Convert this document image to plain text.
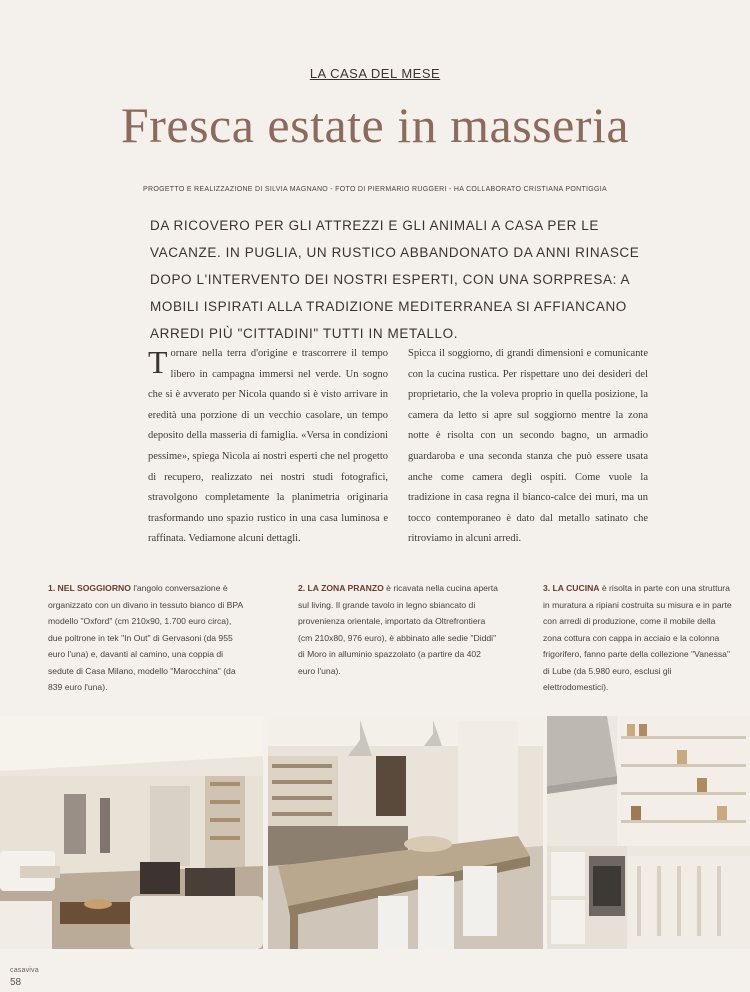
LA CASA DEL MESE
Fresca estate in masseria
PROGETTO E REALIZZAZIONE DI SILVIA MAGNANO - FOTO DI PIERMARIO RUGGERI - HA COLLABORATO CRISTIANA PONTIGGIA
DA RICOVERO PER GLI ATTREZZI E GLI ANIMALI A CASA PER LE VACANZE. IN PUGLIA, UN RUSTICO ABBANDONATO DA ANNI RINASCE DOPO L'INTERVENTO DEI NOSTRI ESPERTI, CON UNA SORPRESA: A MOBILI ISPIRATI ALLA TRADIZIONE MEDITERRANEA SI AFFIANCANO ARREDI PIÙ "CITTADINI" TUTTI IN METALLO.
Tornare nella terra d'origine e trascorrere il tempo libero in campagna immersi nel verde. Un sogno che si è avverato per Nicola quando si è visto arrivare in eredità una porzione di un vecchio casolare, un tempo deposito della masseria di famiglia. «Versa in condizioni pessime», spiega Nicola ai nostri esperti che nel progetto di recupero, realizzato nei nostri studi fotografici, stravolgono completamente la planimetria originaria trasformando uno spazio rustico in una casa luminosa e raffinata. Vediamone alcuni dettagli.
Spicca il soggiorno, di grandi dimensioni e comunicante con la cucina rustica. Per rispettare uno dei desideri del proprietario, che la voleva proprio in quella posizione, la camera da letto si apre sul soggiorno mentre la zona notte è risolta con un secondo bagno, un armadio guardaroba e una seconda stanza che può essere usata anche come camera degli ospiti. Come vuole la tradizione in casa regna il bianco-calce dei muri, ma un tocco contemporaneo è dato dal metallo satinato che ritroviamo in alcuni arredi.
1. NEL SOGGIORNO l'angolo conversazione è organizzato con un divano in tessuto bianco di BPA modello "Oxford" (cm 210x90, 1.700 euro circa), due poltrone in tek "In Out" di Gervasoni (da 955 euro l'una) e, davanti al camino, una coppia di sedute di Casa Milano, modello "Marocchina" (da 839 euro l'una).
2. LA ZONA PRANZO è ricavata nella cucina aperta sul living. Il grande tavolo in legno sbiancato di provenienza orientale, importato da Oltrefrontiera (cm 210x80, 976 euro), è abbinato alle sedie "Diddi" di Moro in alluminio spazzolato (a partire da 402 euro l'una).
3. LA CUCINA è risolta in parte con una struttura in muratura a ripiani costruita su misura e in parte con arredi di produzione, come il mobile della zona cottura con cappa in acciaio e la colonna frigorifero, fanno parte della collezione "Vanessa" di Lube (da 5.980 euro, esclusi gli elettrodomestici).
casaviva
58
